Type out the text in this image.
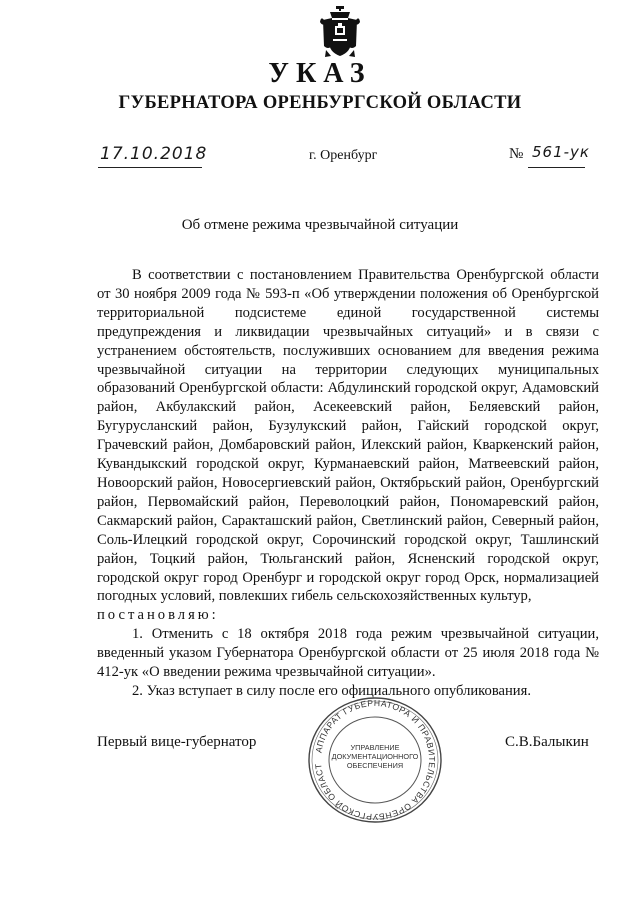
УКАЗ
ГУБЕРНАТОРА ОРЕНБУРГСКОЙ ОБЛАСТИ
17.10.2018	г. Оренбург	№ 561-ук
Об отмене режима чрезвычайной ситуации

В соответствии с постановлением Правительства Оренбургской области от 30 ноября 2009 года № 593-п «Об утверждении положения об Оренбургской территориальной подсистеме единой государственной системы предупреждения и ликвидации чрезвычайных ситуаций» и в связи с устранением обстоятельств, послуживших основанием для введения режима чрезвычайной ситуации на территории следующих муниципальных образований Оренбургской области: Абдулинский городской округ, Адамовский район, Акбулакский район, Асекеевский район, Беляевский район, Бугурусланский район, Бузулукский район, Гайский городской округ, Грачевский район, Домбаровский район, Илекский район, Кваркенский район, Кувандыкский городской округ, Курманаевский район, Матвеевский район, Новоорский район, Новосергиевский район, Октябрьский район, Оренбургский район, Первомайский район, Переволоцкий район, Пономаревский район, Сакмарский район, Саракташский район, Светлинский район, Северный район, Соль-Илецкий городской округ, Сорочинский городской округ, Ташлинский район, Тоцкий район, Тюльганский район, Ясненский городской округ, городской округ город Оренбург и городской округ город Орск, нормализацией погодных условий, повлекших гибель сельскохозяйственных культур,

постановляю:

1. Отменить с 18 октября 2018 года режим чрезвычайной ситуации, введенный указом Губернатора Оренбургской области от 25 июля 2018 года № 412-ук «О введении режима чрезвычайной ситуации».

2. Указ вступает в силу после его официального опубликования.

Первый вице-губернатор	С.В.Балыкин
АППАРАТ ГУБЕРНАТОРА И ПРАВИТЕЛЬСТВА ОРЕНБУРГСКОЙ ОБЛАСТ
УПРАВЛЕНИЕ
ДОКУМЕНТАЦИОННОГО
ОБЕСПЕЧЕНИЯ
